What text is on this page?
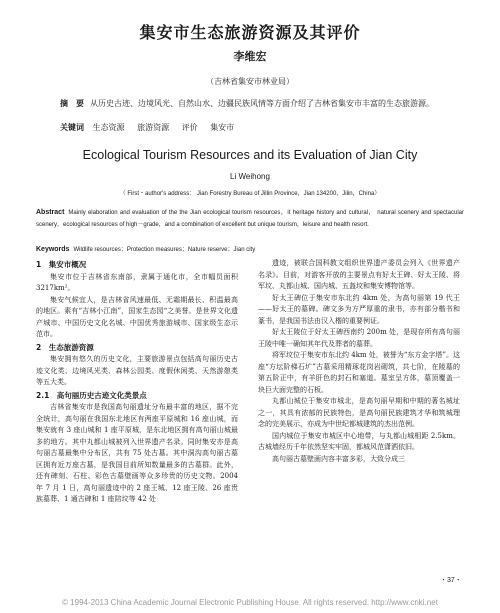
集安市生态旅游资源及其评价
李维宏
（吉林省集安市林业局）
摘　要 从历史古迹、边境风光、自然山水、边疆民族风情等方面介绍了吉林省集安市丰富的生态旅游源。
关键词 生态资源 旅游资源 评价 集安市
Ecological Tourism Resources and its Evaluation of Jian City
Li Weihong
（ First・author's address： Jian Forestry Bureau of Jillin Province，Jian 134200，Jilin，China）
Abstract Mainly elaboration and evaluation of the the Jian ecological tourism resources，it heritage history and cultural， natural scenery and spectacular scenery，ecological resources of high－grade，and a combination of excellent but unique tourism，leisure and health resort.
Keywords Wildlife resources；Protection measures；Nature reserve；Jian city
1　集安市概况

集安市位于吉林省东南部，隶属于通化市，全市幅员面积 3217km²。

集安气候宜人，是吉林省风速最低、无霜期最长、积温最高的地区。素有“吉林小江南”，国家生态园“之美誉。是世界文化遗产城市、中国历史文化名城、中国优秀旅游城市、国家级生态示范市。

2　生态旅游资源

集安拥有悠久的历史文化，主要旅游景点包括高句丽历史古迹文化类、边境风光类、森林公园类、度假休闲类、天然游憩类等五大类。

2.1　高句丽历史古迹文化类景点

吉林省集安市是我国高句丽遗址分布最丰富的地区，据不完全统计，高句丽在我国东北地区有两座平原城和 16 座山城，而集安就有 3 座山城和 1 座平原城，是东北地区拥有高句丽山城最多的地方。其中丸都山城被列入世界遗产名录。同时集安亦是高句丽古墓最集中分布区，共有 75 处古墓。其中洞沟高句丽古墓区拥有近万座古墓，是我国目前所知数量最多的古墓群。此外，还有碑刻、石柱、彩色古墓壁画等众多珍贵的历史文物。2004 年 7 月 1 日，高句丽遗迹中的 2 座王城、12 座王陵、26 座贵族墓葬、1 通古碑和 1 座陪坟等 42 处

遗迹，被联合国科教文组织世界遗产委员会列入《世界遗产名录》。目前，对游客开放的主要景点有好太王碑、好太王陵、将军坟、丸都山城、国内城、五盔坟和集安博物馆等。

好太王碑位于集安市东北约 4km 处，为高句丽第 19 代王——好太王的墓碑。碑文多为方严厚重的隶书，亦有部分楷书和篆书，是我国书法由汉入楷的重要例证。

好太王陵位于好太王碑西南约 200m 处，是现存所有高句丽王陵中唯一确知其年代及葬者的墓葬。

将军坟位于集安市东北约 4km 处，被誉为“东方金字塔”。这座“方坛阶梯石圹”古墓采用精琢花岗岩砌筑，共七阶，在陵墓的第五阶正中，有羊肝色的封石和塞道。墓室呈方体，墓顶覆盖一块巨大面完整的石板。

丸都山城位于集安市城北，是高句丽早期和中期的著名城址之一，其具有浓郁的民族特色，是高句丽民族建筑才华和筑城理念的完美展示，亦成为中世纪都城建筑的杰出范例。

国内城位于集安市城区中心地带，与丸都山城相距 2.5km。古城墙经历千年依然坚实牢固，都城风范潇洒依旧。

高句丽古墓壁画内容丰富多彩，大致分成三

・37・
© 1994-2013 China Academic Journal Electronic Publishing House. All rights reserved. http://www.cnki.net
